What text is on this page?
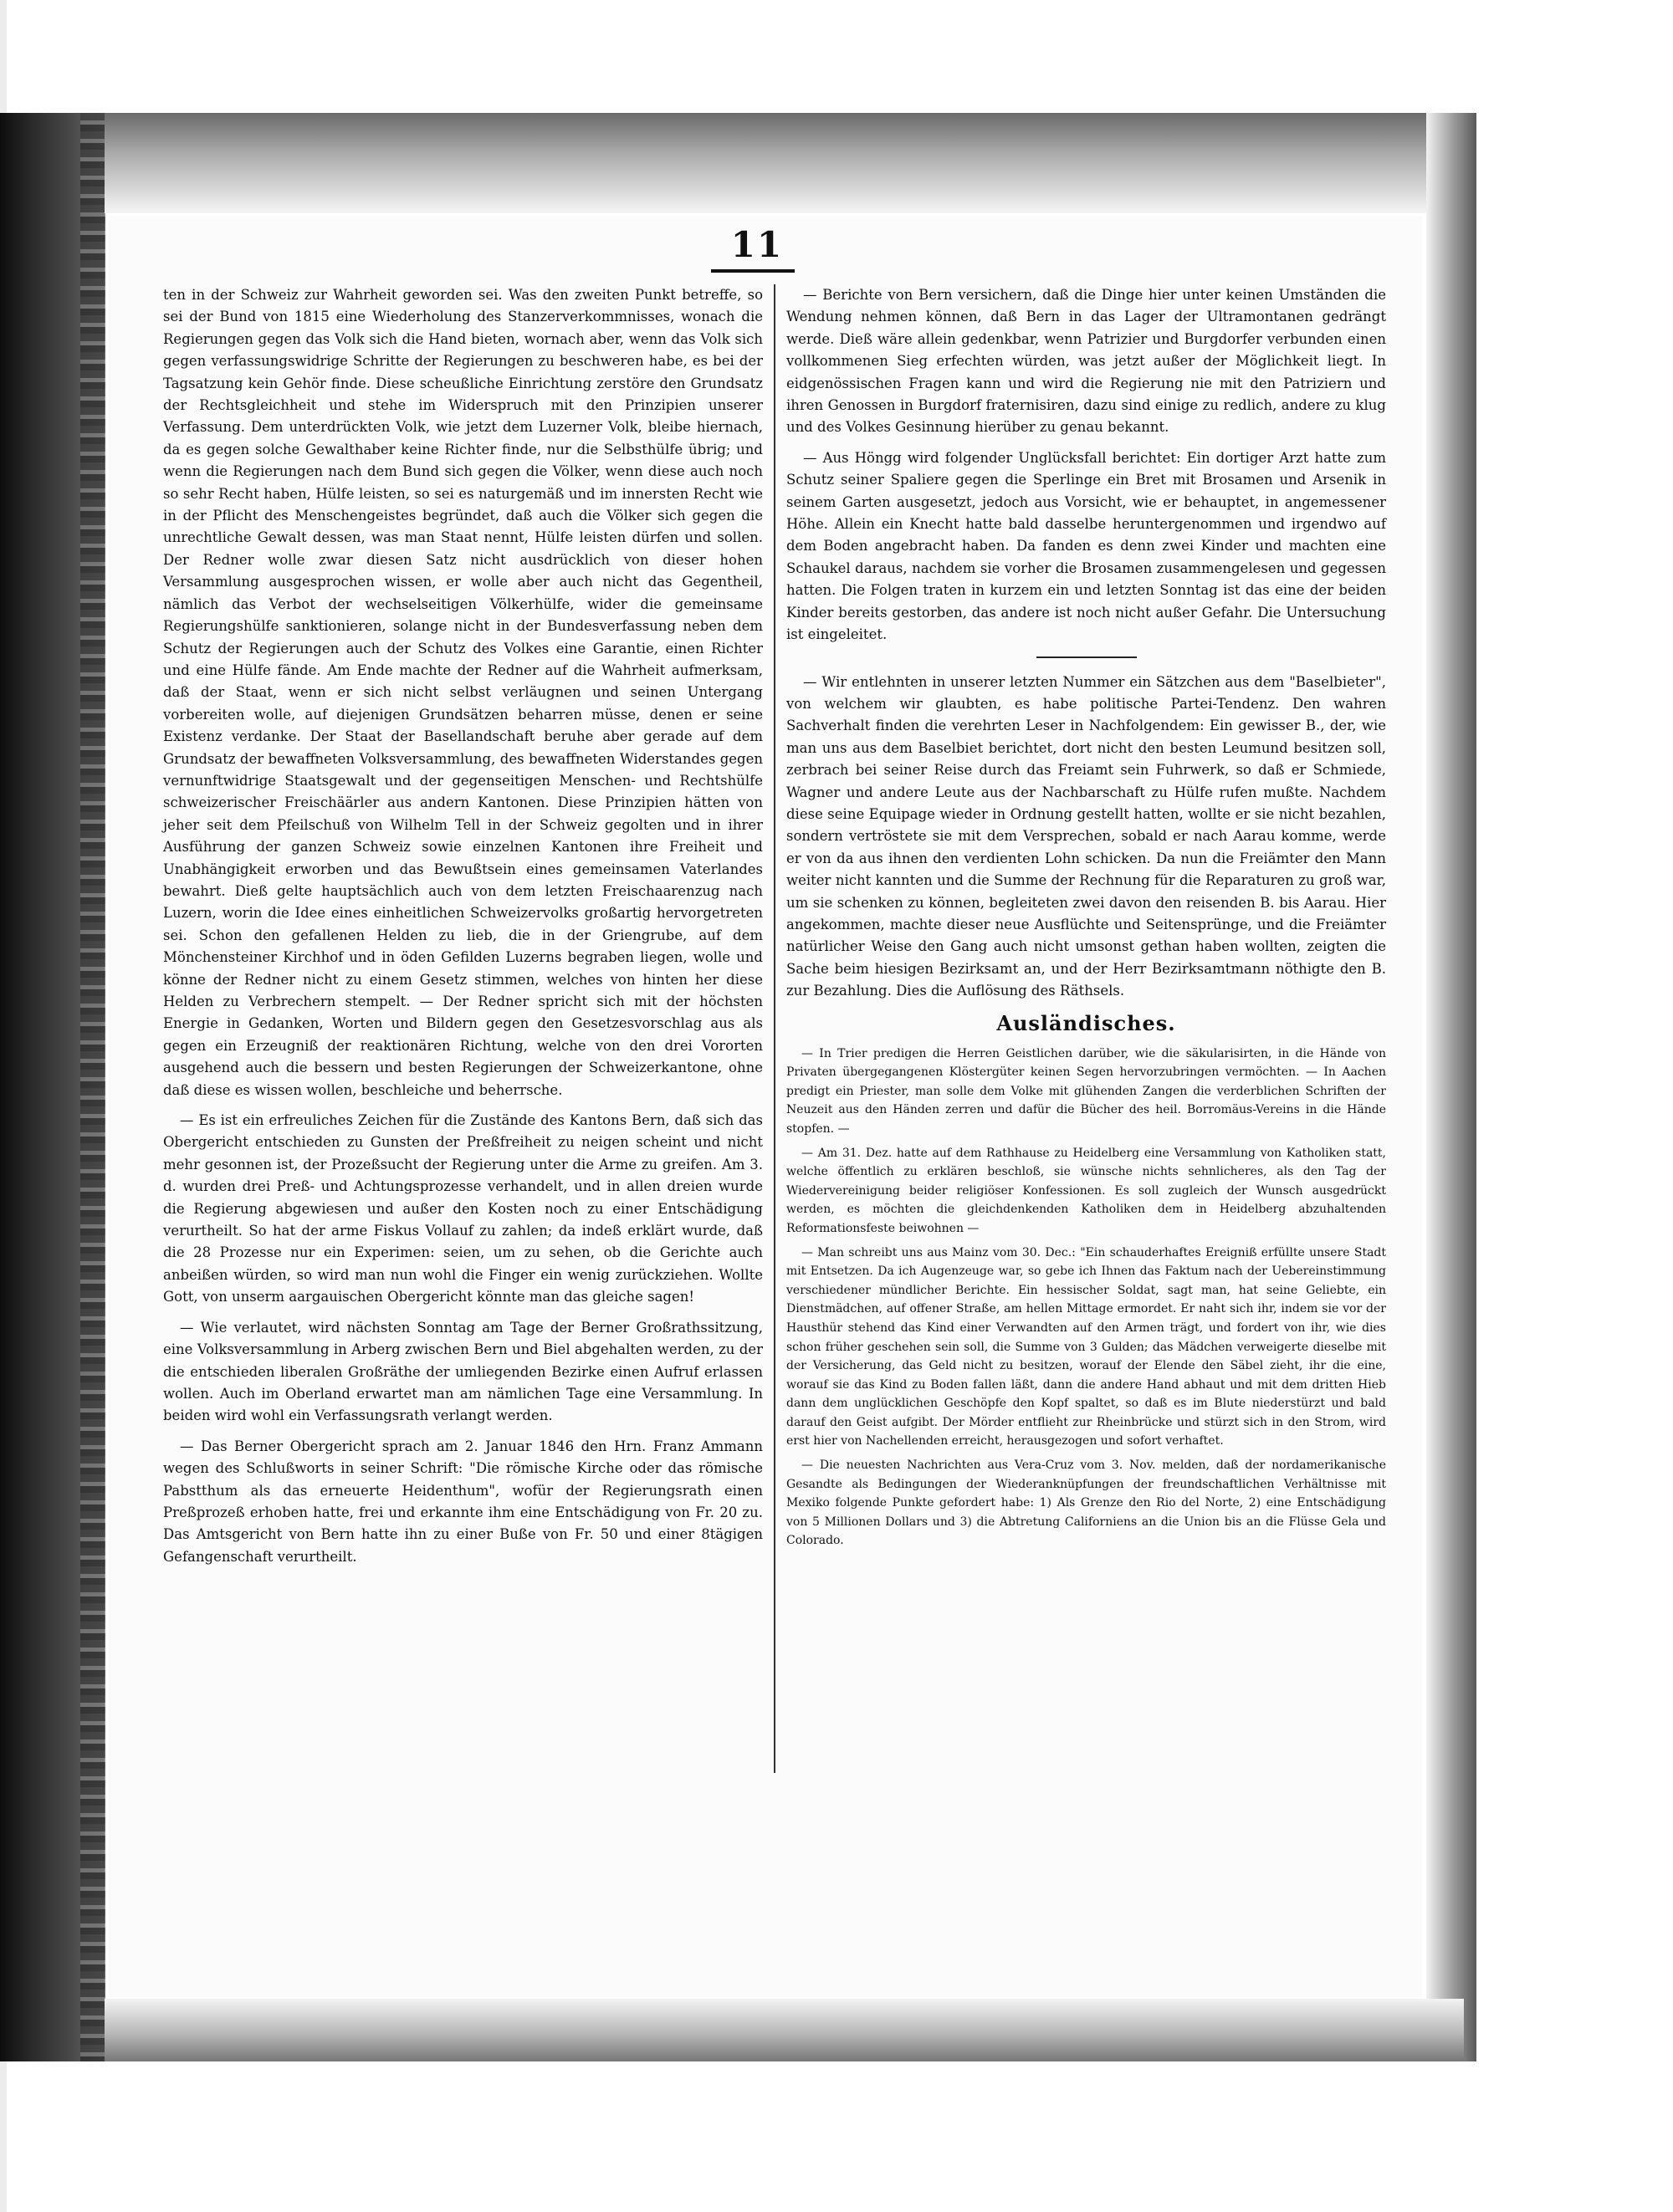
11

ten in der Schweiz zur Wahrheit geworden sei. Was den zweiten Punkt betreffe, so sei der Bund von 1815 eine Wiederholung des Stanzerverkommnisses, wonach die Regierungen gegen das Volk sich die Hand bieten, wornach aber, wenn das Volk sich gegen verfassungswidrige Schritte der Regierungen zu beschweren habe, es bei der Tagsatzung kein Gehör finde. Diese scheußliche Einrichtung zerstöre den Grundsatz der Rechtsgleichheit und stehe im Widerspruch mit den Prinzipien unserer Verfassung. Dem unterdrückten Volk, wie jetzt dem Luzerner Volk, bleibe hiernach, da es gegen solche Gewalthaber keine Richter finde, nur die Selbsthülfe übrig; und wenn die Regierungen nach dem Bund sich gegen die Völker, wenn diese auch noch so sehr Recht haben, Hülfe leisten, so sei es naturgemäß und im innersten Recht wie in der Pflicht des Menschengeistes begründet, daß auch die Völker sich gegen die unrechtliche Gewalt dessen, was man Staat nennt, Hülfe leisten dürfen und sollen. Der Redner wolle zwar diesen Satz nicht ausdrücklich von dieser hohen Versammlung ausgesprochen wissen, er wolle aber auch nicht das Gegentheil, nämlich das Verbot der wechselseitigen Völkerhülfe, wider die gemeinsame Regierungshülfe sanktionieren, solange nicht in der Bundesverfassung neben dem Schutz der Regierungen auch der Schutz des Volkes eine Garantie, einen Richter und eine Hülfe fände. Am Ende machte der Redner auf die Wahrheit aufmerksam, daß der Staat, wenn er sich nicht selbst verläugnen und seinen Untergang vorbereiten wolle, auf diejenigen Grundsätzen beharren müsse, denen er seine Existenz verdanke. Der Staat der Basellandschaft beruhe aber gerade auf dem Grundsatz der bewaffneten Volksversammlung, des bewaffneten Widerstandes gegen vernunftwidrige Staatsgewalt und der gegenseitigen Menschen- und Rechtshülfe schweizerischer Freischäärler aus andern Kantonen. Diese Prinzipien hätten von jeher seit dem Pfeilschuß von Wilhelm Tell in der Schweiz gegolten und in ihrer Ausführung der ganzen Schweiz sowie einzelnen Kantonen ihre Freiheit und Unabhängigkeit erworben und das Bewußtsein eines gemeinsamen Vaterlandes bewahrt. Dieß gelte hauptsächlich auch von dem letzten Freischaarenzug nach Luzern, worin die Idee eines einheitlichen Schweizervolks großartig hervorgetreten sei. Schon den gefallenen Helden zu lieb, die in der Griengrube, auf dem Mönchensteiner Kirchhof und in öden Gefilden Luzerns begraben liegen, wolle und könne der Redner nicht zu einem Gesetz stimmen, welches von hinten her diese Helden zu Verbrechern stempelt. — Der Redner spricht sich mit der höchsten Energie in Gedanken, Worten und Bildern gegen den Gesetzesvorschlag aus als gegen ein Erzeugniß der reaktionären Richtung, welche von den drei Vororten ausgehend auch die bessern und besten Regierungen der Schweizerkantone, ohne daß diese es wissen wollen, beschleiche und beherrsche.

— Es ist ein erfreuliches Zeichen für die Zustände des Kantons Bern, daß sich das Obergericht entschieden zu Gunsten der Preßfreiheit zu neigen scheint und nicht mehr gesonnen ist, der Prozeßsucht der Regierung unter die Arme zu greifen. Am 3. d. wurden drei Preß- und Achtungsprozesse verhandelt, und in allen dreien wurde die Regierung abgewiesen und außer den Kosten noch zu einer Entschädigung verurtheilt. So hat der arme Fiskus Vollauf zu zahlen; da indeß erklärt wurde, daß die 28 Prozesse nur ein Experimen: seien, um zu sehen, ob die Gerichte auch anbeißen würden, so wird man nun wohl die Finger ein wenig zurückziehen. Wollte Gott, von unserm aargauischen Obergericht könnte man das gleiche sagen!

— Wie verlautet, wird nächsten Sonntag am Tage der Berner Großrathssitzung, eine Volksversammlung in Arberg zwischen Bern und Biel abgehalten werden, zu der die entschieden liberalen Großräthe der umliegenden Bezirke einen Aufruf erlassen wollen. Auch im Oberland erwartet man am nämlichen Tage eine Versammlung. In beiden wird wohl ein Verfassungsrath verlangt werden.

— Das Berner Obergericht sprach am 2. Januar 1846 den Hrn. Franz Ammann wegen des Schlußworts in seiner Schrift: "Die römische Kirche oder das römische Pabstthum als das erneuerte Heidenthum", wofür der Regierungsrath einen Preßprozeß erhoben hatte, frei und erkannte ihm eine Entschädigung von Fr. 20 zu. Das Amtsgericht von Bern hatte ihn zu einer Buße von Fr. 50 und einer 8tägigen Gefangenschaft verurtheilt.

— Berichte von Bern versichern, daß die Dinge hier unter keinen Umständen die Wendung nehmen können, daß Bern in das Lager der Ultramontanen gedrängt werde. Dieß wäre allein gedenkbar, wenn Patrizier und Burgdorfer verbunden einen vollkommenen Sieg erfechten würden, was jetzt außer der Möglichkeit liegt. In eidgenössischen Fragen kann und wird die Regierung nie mit den Patriziern und ihren Genossen in Burgdorf fraternisiren, dazu sind einige zu redlich, andere zu klug und des Volkes Gesinnung hierüber zu genau bekannt.

— Aus Höngg wird folgender Unglücksfall berichtet: Ein dortiger Arzt hatte zum Schutz seiner Spaliere gegen die Sperlinge ein Bret mit Brosamen und Arsenik in seinem Garten ausgesetzt, jedoch aus Vorsicht, wie er behauptet, in angemessener Höhe. Allein ein Knecht hatte bald dasselbe heruntergenommen und irgendwo auf dem Boden angebracht haben. Da fanden es denn zwei Kinder und machten eine Schaukel daraus, nachdem sie vorher die Brosamen zusammengelesen und gegessen hatten. Die Folgen traten in kurzem ein und letzten Sonntag ist das eine der beiden Kinder bereits gestorben, das andere ist noch nicht außer Gefahr. Die Untersuchung ist eingeleitet.

— Wir entlehnten in unserer letzten Nummer ein Sätzchen aus dem "Baselbieter", von welchem wir glaubten, es habe politische Partei-Tendenz. Den wahren Sachverhalt finden die verehrten Leser in Nachfolgendem: Ein gewisser B., der, wie man uns aus dem Baselbiet berichtet, dort nicht den besten Leumund besitzen soll, zerbrach bei seiner Reise durch das Freiamt sein Fuhrwerk, so daß er Schmiede, Wagner und andere Leute aus der Nachbarschaft zu Hülfe rufen mußte. Nachdem diese seine Equipage wieder in Ordnung gestellt hatten, wollte er sie nicht bezahlen, sondern vertröstete sie mit dem Versprechen, sobald er nach Aarau komme, werde er von da aus ihnen den verdienten Lohn schicken. Da nun die Freiämter den Mann weiter nicht kannten und die Summe der Rechnung für die Reparaturen zu groß war, um sie schenken zu können, begleiteten zwei davon den reisenden B. bis Aarau. Hier angekommen, machte dieser neue Ausflüchte und Seitensprünge, und die Freiämter natürlicher Weise den Gang auch nicht umsonst gethan haben wollten, zeigten die Sache beim hiesigen Bezirksamt an, und der Herr Bezirksamtmann nöthigte den B. zur Bezahlung. Dies die Auflösung des Räthsels.

Ausländisches.

— In Trier predigen die Herren Geistlichen darüber, wie die säkularisirten, in die Hände von Privaten übergegangenen Klöstergüter keinen Segen hervorzubringen vermöchten. — In Aachen predigt ein Priester, man solle dem Volke mit glühenden Zangen die verderblichen Schriften der Neuzeit aus den Händen zerren und dafür die Bücher des heil. Borromäus-Vereins in die Hände stopfen. —

— Am 31. Dez. hatte auf dem Rathhause zu Heidelberg eine Versammlung von Katholiken statt, welche öffentlich zu erklären beschloß, sie wünsche nichts sehnlicheres, als den Tag der Wiedervereinigung beider religiöser Konfessionen. Es soll zugleich der Wunsch ausgedrückt werden, es möchten die gleichdenkenden Katholiken dem in Heidelberg abzuhaltenden Reformationsfeste beiwohnen —

— Man schreibt uns aus Mainz vom 30. Dec.: "Ein schauderhaftes Ereigniß erfüllte unsere Stadt mit Entsetzen. Da ich Augenzeuge war, so gebe ich Ihnen das Faktum nach der Uebereinstimmung verschiedener mündlicher Berichte. Ein hessischer Soldat, sagt man, hat seine Geliebte, ein Dienstmädchen, auf offener Straße, am hellen Mittage ermordet. Er naht sich ihr, indem sie vor der Hausthür stehend das Kind einer Verwandten auf den Armen trägt, und fordert von ihr, wie dies schon früher geschehen sein soll, die Summe von 3 Gulden; das Mädchen verweigerte dieselbe mit der Versicherung, das Geld nicht zu besitzen, worauf der Elende den Säbel zieht, ihr die eine, worauf sie das Kind zu Boden fallen läßt, dann die andere Hand abhaut und mit dem dritten Hieb dann dem unglücklichen Geschöpfe den Kopf spaltet, so daß es im Blute niederstürzt und bald darauf den Geist aufgibt. Der Mörder entflieht zur Rheinbrücke und stürzt sich in den Strom, wird erst hier von Nachellenden erreicht, herausgezogen und sofort verhaftet.

— Die neuesten Nachrichten aus Vera-Cruz vom 3. Nov. melden, daß der nordamerikanische Gesandte als Bedingungen der Wiederanknüpfungen der freundschaftlichen Verhältnisse mit Mexiko folgende Punkte gefordert habe: 1) Als Grenze den Rio del Norte, 2) eine Entschädigung von 5 Millionen Dollars und 3) die Abtretung Californiens an die Union bis an die Flüsse Gela und Colorado.
